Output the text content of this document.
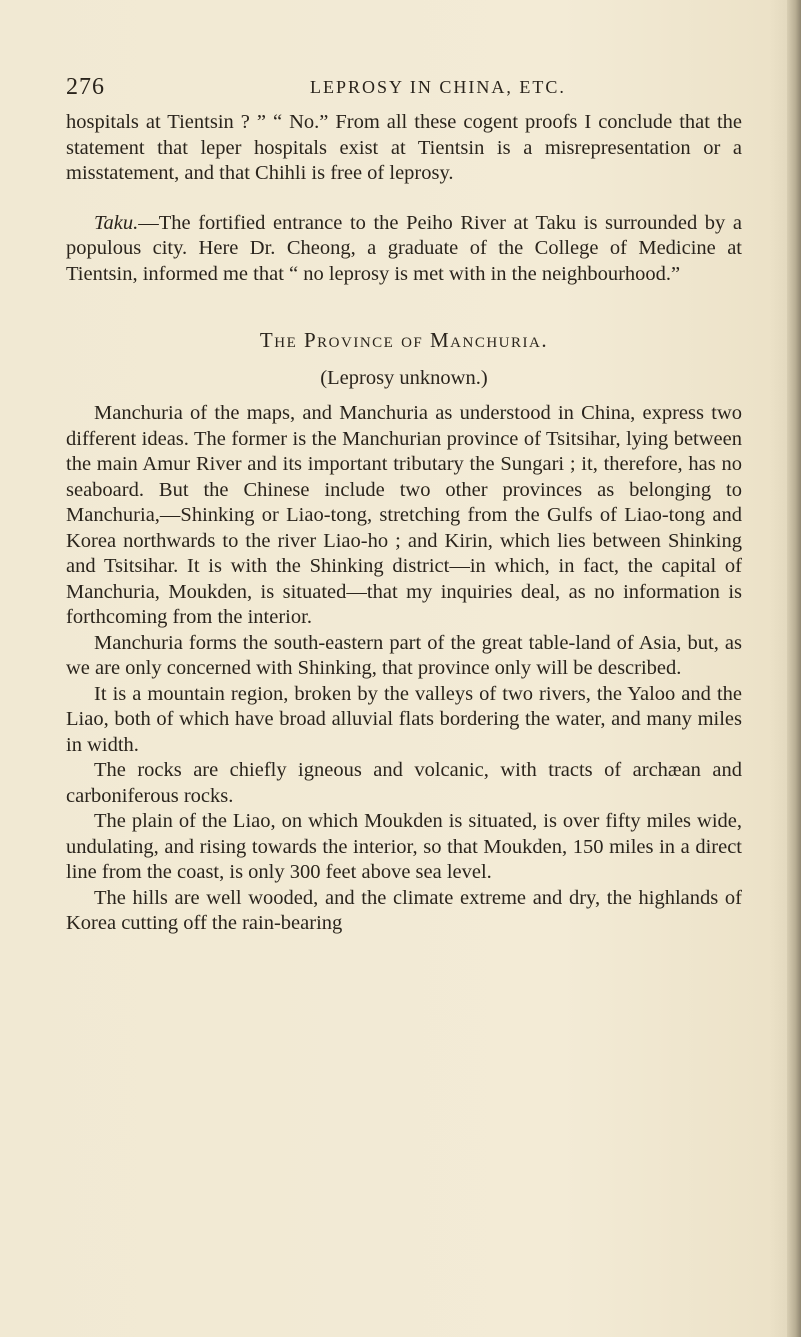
276	LEPROSY IN CHINA, ETC.

hospitals at Tientsin ? ” “ No.” From all these cogent proofs I conclude that the statement that leper hospitals exist at Tientsin is a misrepresentation or a misstatement, and that Chihli is free of leprosy.

Taku.—The fortified entrance to the Peiho River at Taku is surrounded by a populous city. Here Dr. Cheong, a graduate of the College of Medicine at Tientsin, informed me that “ no leprosy is met with in the neighbourhood.”

The Province of Manchuria.

(Leprosy unknown.)

Manchuria of the maps, and Manchuria as understood in China, express two different ideas. The former is the Manchurian province of Tsitsihar, lying between the main Amur River and its important tributary the Sungari ; it, therefore, has no seaboard. But the Chinese include two other provinces as belonging to Manchuria,—Shinking or Liao-tong, stretching from the Gulfs of Liao-tong and Korea northwards to the river Liao-ho ; and Kirin, which lies between Shinking and Tsitsihar. It is with the Shinking district—in which, in fact, the capital of Manchuria, Moukden, is situated—that my inquiries deal, as no information is forthcoming from the interior.

Manchuria forms the south-eastern part of the great table-land of Asia, but, as we are only concerned with Shinking, that province only will be described.

It is a mountain region, broken by the valleys of two rivers, the Yaloo and the Liao, both of which have broad alluvial flats bordering the water, and many miles in width.

The rocks are chiefly igneous and volcanic, with tracts of archæan and carboniferous rocks.

The plain of the Liao, on which Moukden is situated, is over fifty miles wide, undulating, and rising towards the interior, so that Moukden, 150 miles in a direct line from the coast, is only 300 feet above sea level.

The hills are well wooded, and the climate extreme and dry, the highlands of Korea cutting off the rain-bearing
